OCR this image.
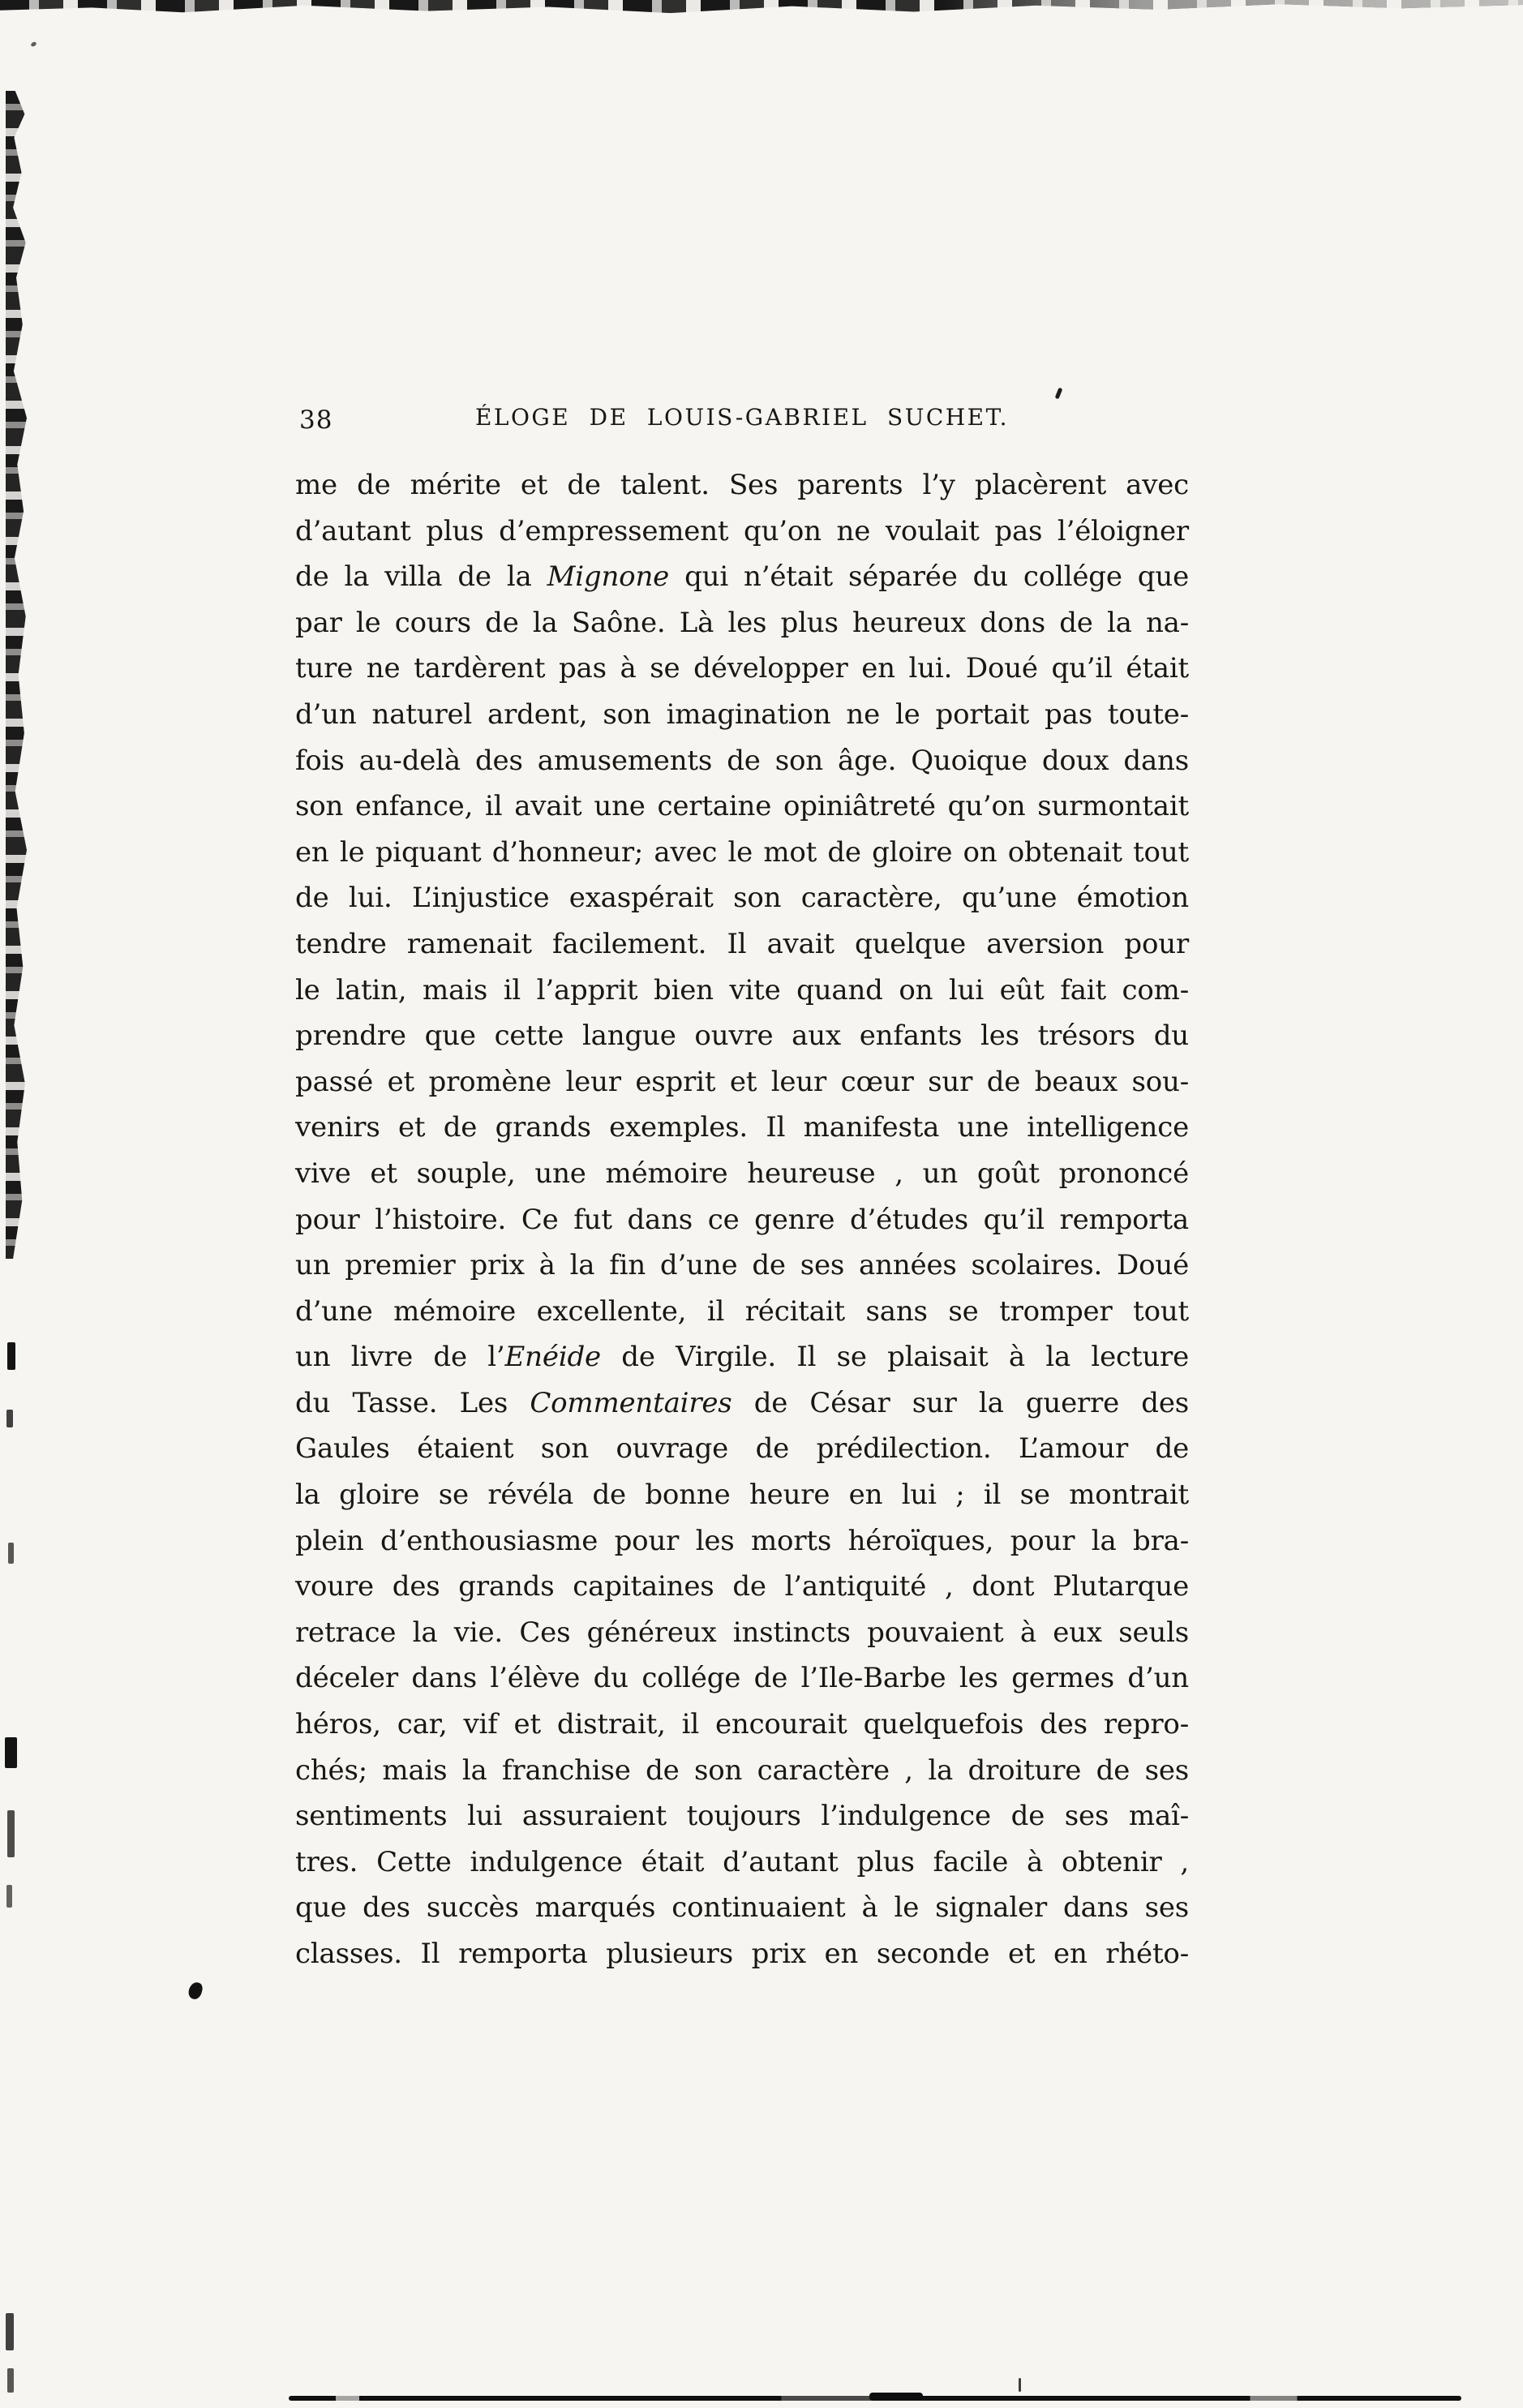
38	ÉLOGE DE LOUIS-GABRIEL SUCHET.
me de mérite et de talent. Ses parents l’y placèrent avec
d’autant plus d’empressement qu’on ne voulait pas l’éloigner
de la villa de la Mignone qui n’était séparée du collége que
par le cours de la Saône. Là les plus heureux dons de la na-
ture ne tardèrent pas à se développer en lui. Doué qu’il était
d’un naturel ardent, son imagination ne le portait pas toute-
fois au-delà des amusements de son âge. Quoique doux dans
son enfance, il avait une certaine opiniâtreté qu’on surmontait
en le piquant d’honneur; avec le mot de gloire on obtenait tout
de lui. L’injustice exaspérait son caractère, qu’une émotion
tendre ramenait facilement. Il avait quelque aversion pour
le latin, mais il l’apprit bien vite quand on lui eût fait com-
prendre que cette langue ouvre aux enfants les trésors du
passé et promène leur esprit et leur cœur sur de beaux sou-
venirs et de grands exemples. Il manifesta une intelligence
vive et souple, une mémoire heureuse , un goût prononcé
pour l’histoire. Ce fut dans ce genre d’études qu’il remporta
un premier prix à la fin d’une de ses années scolaires. Doué
d’une mémoire excellente, il récitait sans se tromper tout
un livre de l’Enéide de Virgile. Il se plaisait à la lecture
du Tasse. Les Commentaires de César sur la guerre des
Gaules étaient son ouvrage de prédilection. L’amour de
la gloire se révéla de bonne heure en lui ; il se montrait
plein d’enthousiasme pour les morts héroïques, pour la bra-
voure des grands capitaines de l’antiquité , dont Plutarque
retrace la vie. Ces généreux instincts pouvaient à eux seuls
déceler dans l’élève du collége de l’Ile-Barbe les germes d’un
héros, car, vif et distrait, il encourait quelquefois des repro-
chés; mais la franchise de son caractère , la droiture de ses
sentiments lui assuraient toujours l’indulgence de ses maî-
tres. Cette indulgence était d’autant plus facile à obtenir ,
que des succès marqués continuaient à le signaler dans ses
classes. Il remporta plusieurs prix en seconde et en rhéto-
